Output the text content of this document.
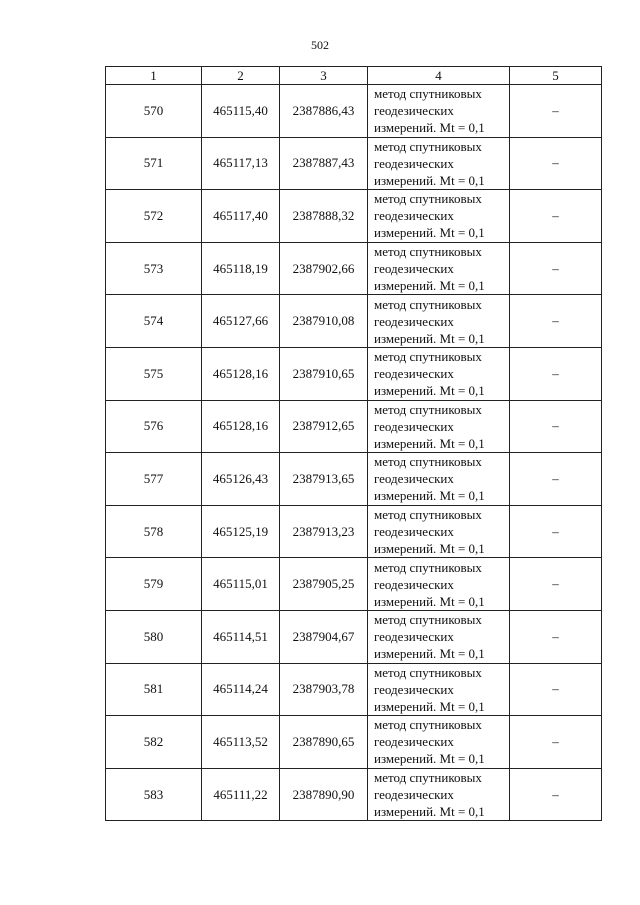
502
1	2	3	4	5
570	465115,40	2387886,43	метод спутниковых
геодезических
измерений. Mt = 0,1	–
571	465117,13	2387887,43	метод спутниковых
геодезических
измерений. Mt = 0,1	–
572	465117,40	2387888,32	метод спутниковых
геодезических
измерений. Mt = 0,1	–
573	465118,19	2387902,66	метод спутниковых
геодезических
измерений. Mt = 0,1	–
574	465127,66	2387910,08	метод спутниковых
геодезических
измерений. Mt = 0,1	–
575	465128,16	2387910,65	метод спутниковых
геодезических
измерений. Mt = 0,1	–
576	465128,16	2387912,65	метод спутниковых
геодезических
измерений. Mt = 0,1	–
577	465126,43	2387913,65	метод спутниковых
геодезических
измерений. Mt = 0,1	–
578	465125,19	2387913,23	метод спутниковых
геодезических
измерений. Mt = 0,1	–
579	465115,01	2387905,25	метод спутниковых
геодезических
измерений. Mt = 0,1	–
580	465114,51	2387904,67	метод спутниковых
геодезических
измерений. Mt = 0,1	–
581	465114,24	2387903,78	метод спутниковых
геодезических
измерений. Mt = 0,1	–
582	465113,52	2387890,65	метод спутниковых
геодезических
измерений. Mt = 0,1	–
583	465111,22	2387890,90	метод спутниковых
геодезических
измерений. Mt = 0,1	–
